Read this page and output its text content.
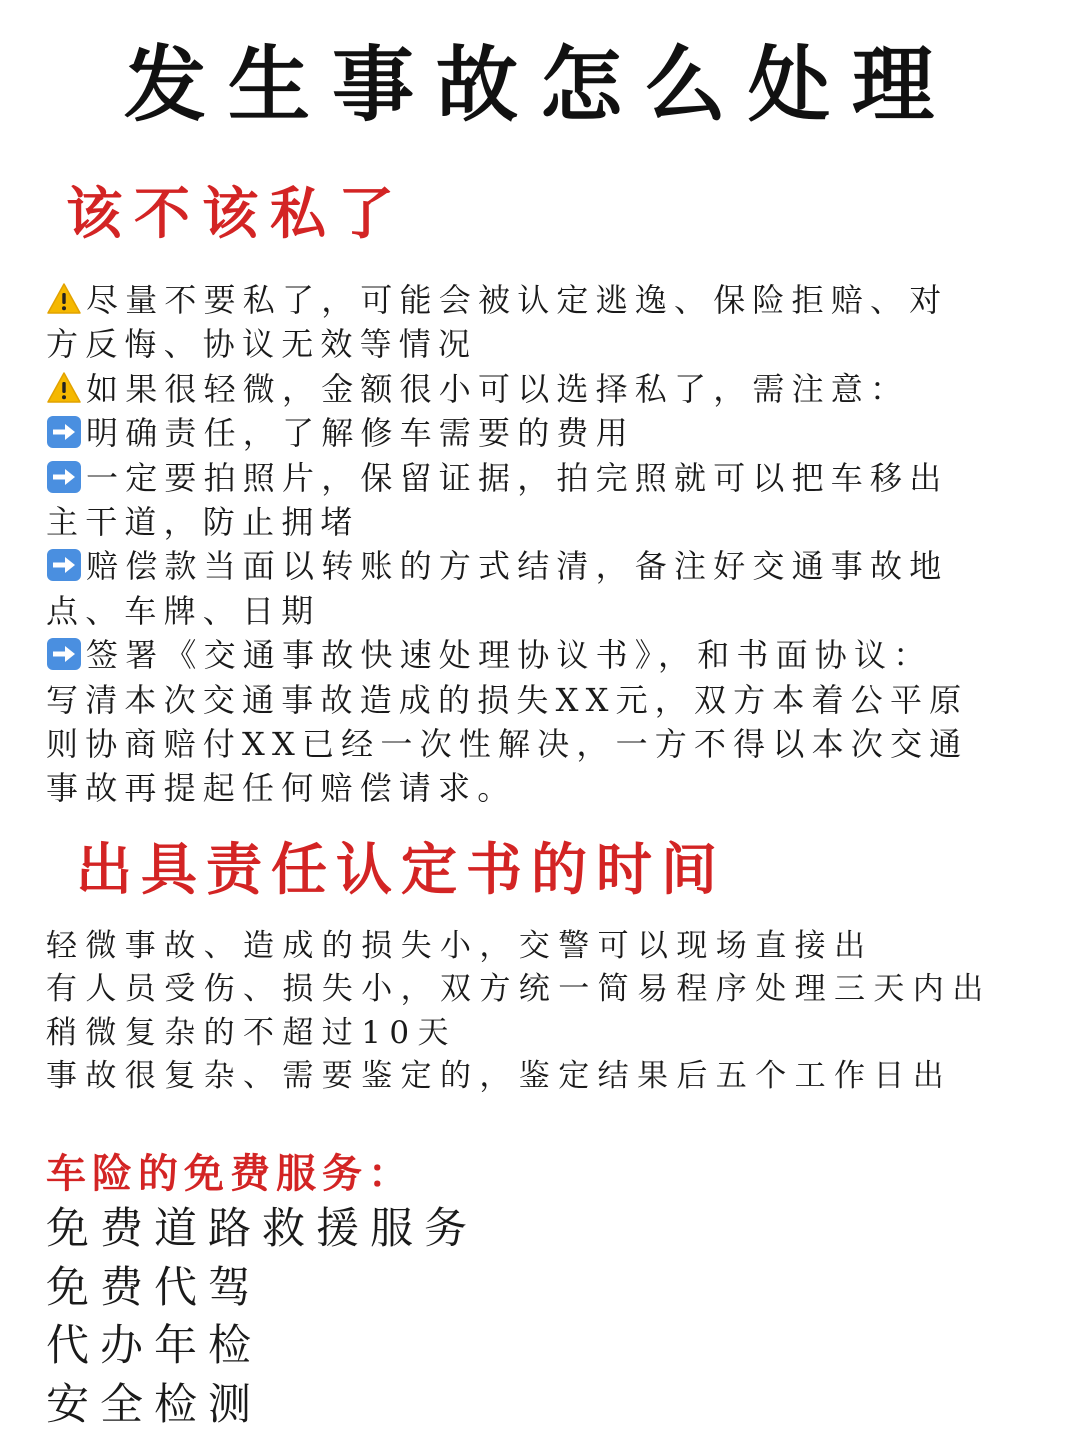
发生事故怎么处理
该不该私了
尽量不要私了，可能会被认定逃逸、保险拒赔、对
方反悔、协议无效等情况
如果很轻微，金额很小可以选择私了，需注意：
明确责任，了解修车需要的费用
一定要拍照片，保留证据，拍完照就可以把车移出
主干道，防止拥堵
赔偿款当面以转账的方式结清，备注好交通事故地
点、车牌、日期
签署《交通事故快速处理协议书》，和书面协议：
写清本次交通事故造成的损失XX元，双方本着公平原
则协商赔付XX已经一次性解决，一方不得以本次交通
事故再提起任何赔偿请求。
出具责任认定书的时间
轻微事故、造成的损失小，交警可以现场直接出
有人员受伤、损失小，双方统一简易程序处理三天内出
稍微复杂的不超过10天
事故很复杂、需要鉴定的，鉴定结果后五个工作日出
车险的免费服务：
免费道路救援服务
免费代驾
代办年检
安全检测
